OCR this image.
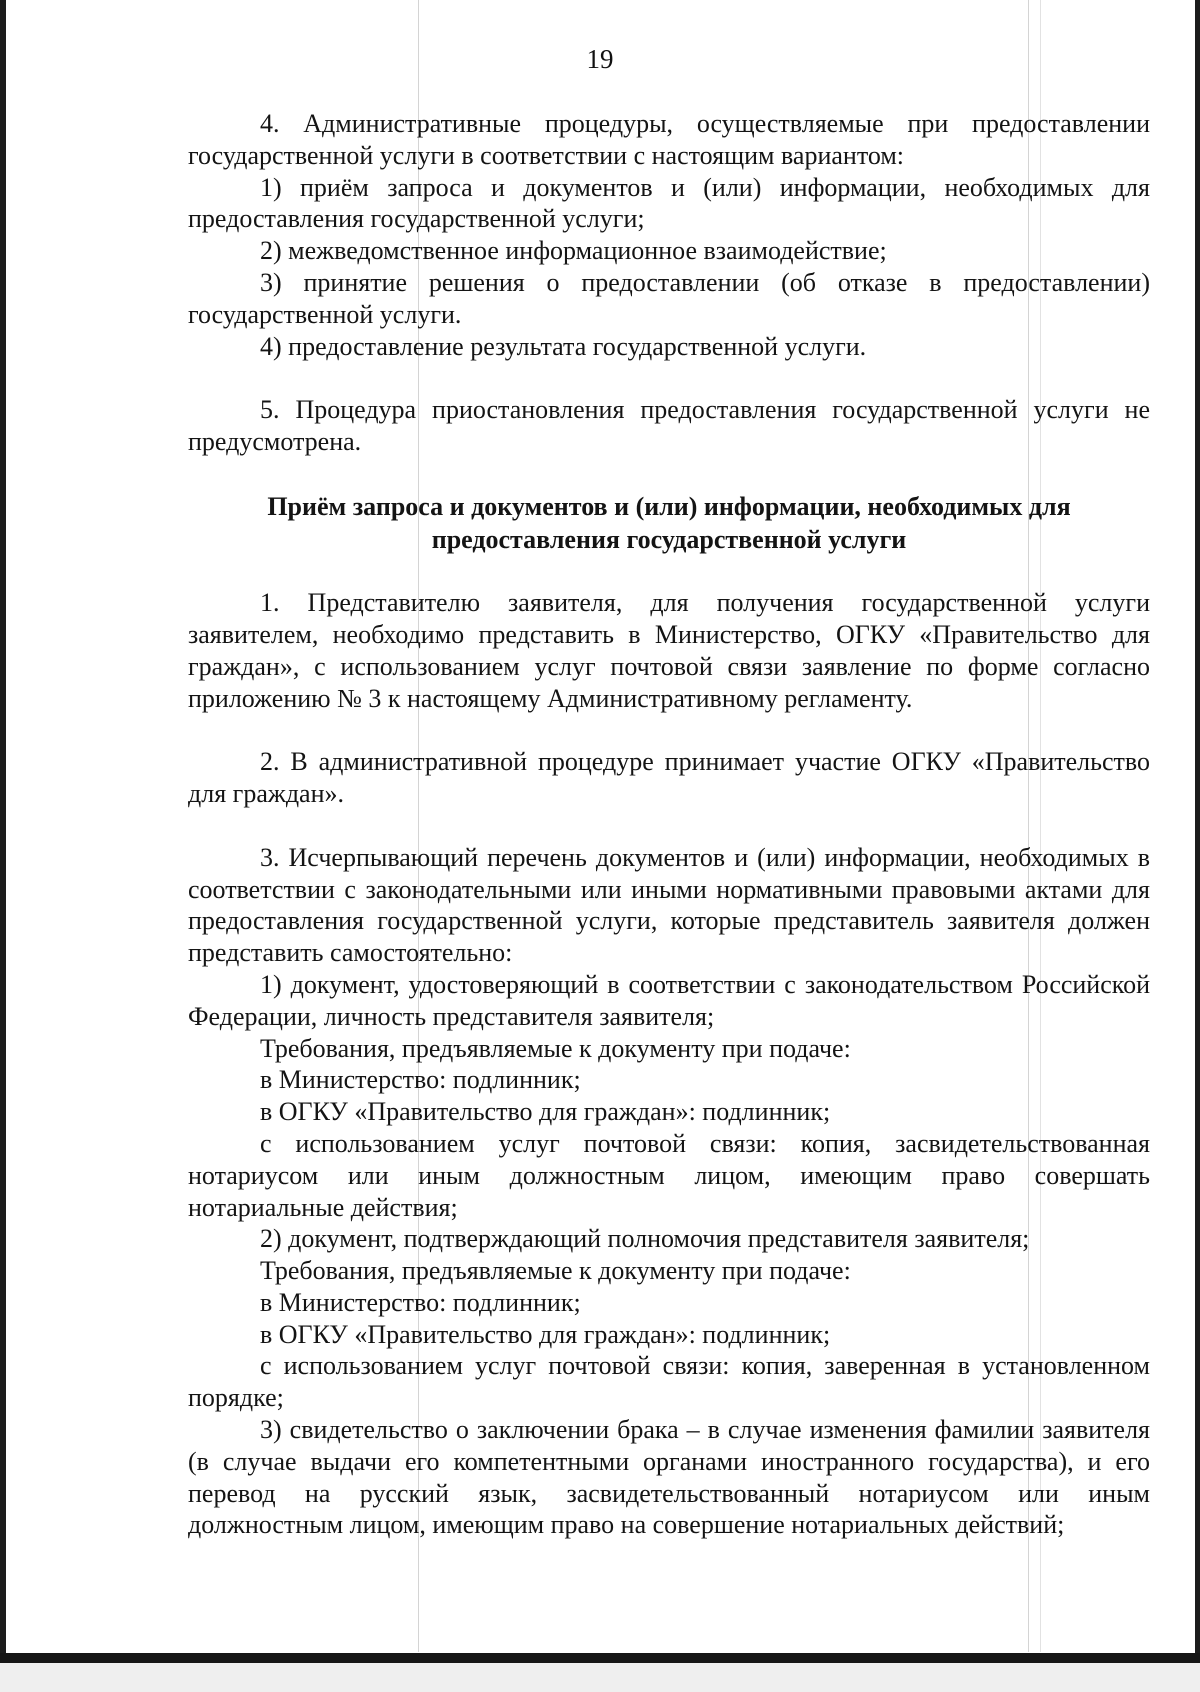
19

4. Административные процедуры, осуществляемые при предоставлении государственной услуги в соответствии с настоящим вариантом:

1) приём запроса и документов и (или) информации, необходимых для предоставления государственной услуги;

2) межведомственное информационное взаимодействие;

3) принятие решения о предоставлении (об отказе в предоставлении) государственной услуги.

4) предоставление результата государственной услуги.

5. Процедура приостановления предоставления государственной услуги не предусмотрена.

Приём запроса и документов и (или) информации, необходимых для
предоставления государственной услуги

1. Представителю заявителя, для получения государственной услуги заявителем, необходимо представить в Министерство, ОГКУ «Правительство для граждан», с использованием услуг почтовой связи заявление по форме согласно приложению № 3 к настоящему Административному регламенту.

2. В административной процедуре принимает участие ОГКУ «Правительство для граждан».

3. Исчерпывающий перечень документов и (или) информации, необходимых в соответствии с законодательными или иными нормативными правовыми актами для предоставления государственной услуги, которые представитель заявителя должен представить самостоятельно:

1) документ, удостоверяющий в соответствии с законодательством Российской Федерации, личность представителя заявителя;

Требования, предъявляемые к документу при подаче:

в Министерство: подлинник;

в ОГКУ «Правительство для граждан»: подлинник;

с использованием услуг почтовой связи: копия, засвидетельствованная нотариусом или иным должностным лицом, имеющим право совершать нотариальные действия;

2) документ, подтверждающий полномочия представителя заявителя;

Требования, предъявляемые к документу при подаче:

в Министерство: подлинник;

в ОГКУ «Правительство для граждан»: подлинник;

с использованием услуг почтовой связи: копия, заверенная в установленном порядке;

3) свидетельство о заключении брака – в случае изменения фамилии заявителя (в случае выдачи его компетентными органами иностранного государства), и его перевод на русский язык, засвидетельствованный нотариусом или иным должностным лицом, имеющим право на совершение нотариальных действий;
